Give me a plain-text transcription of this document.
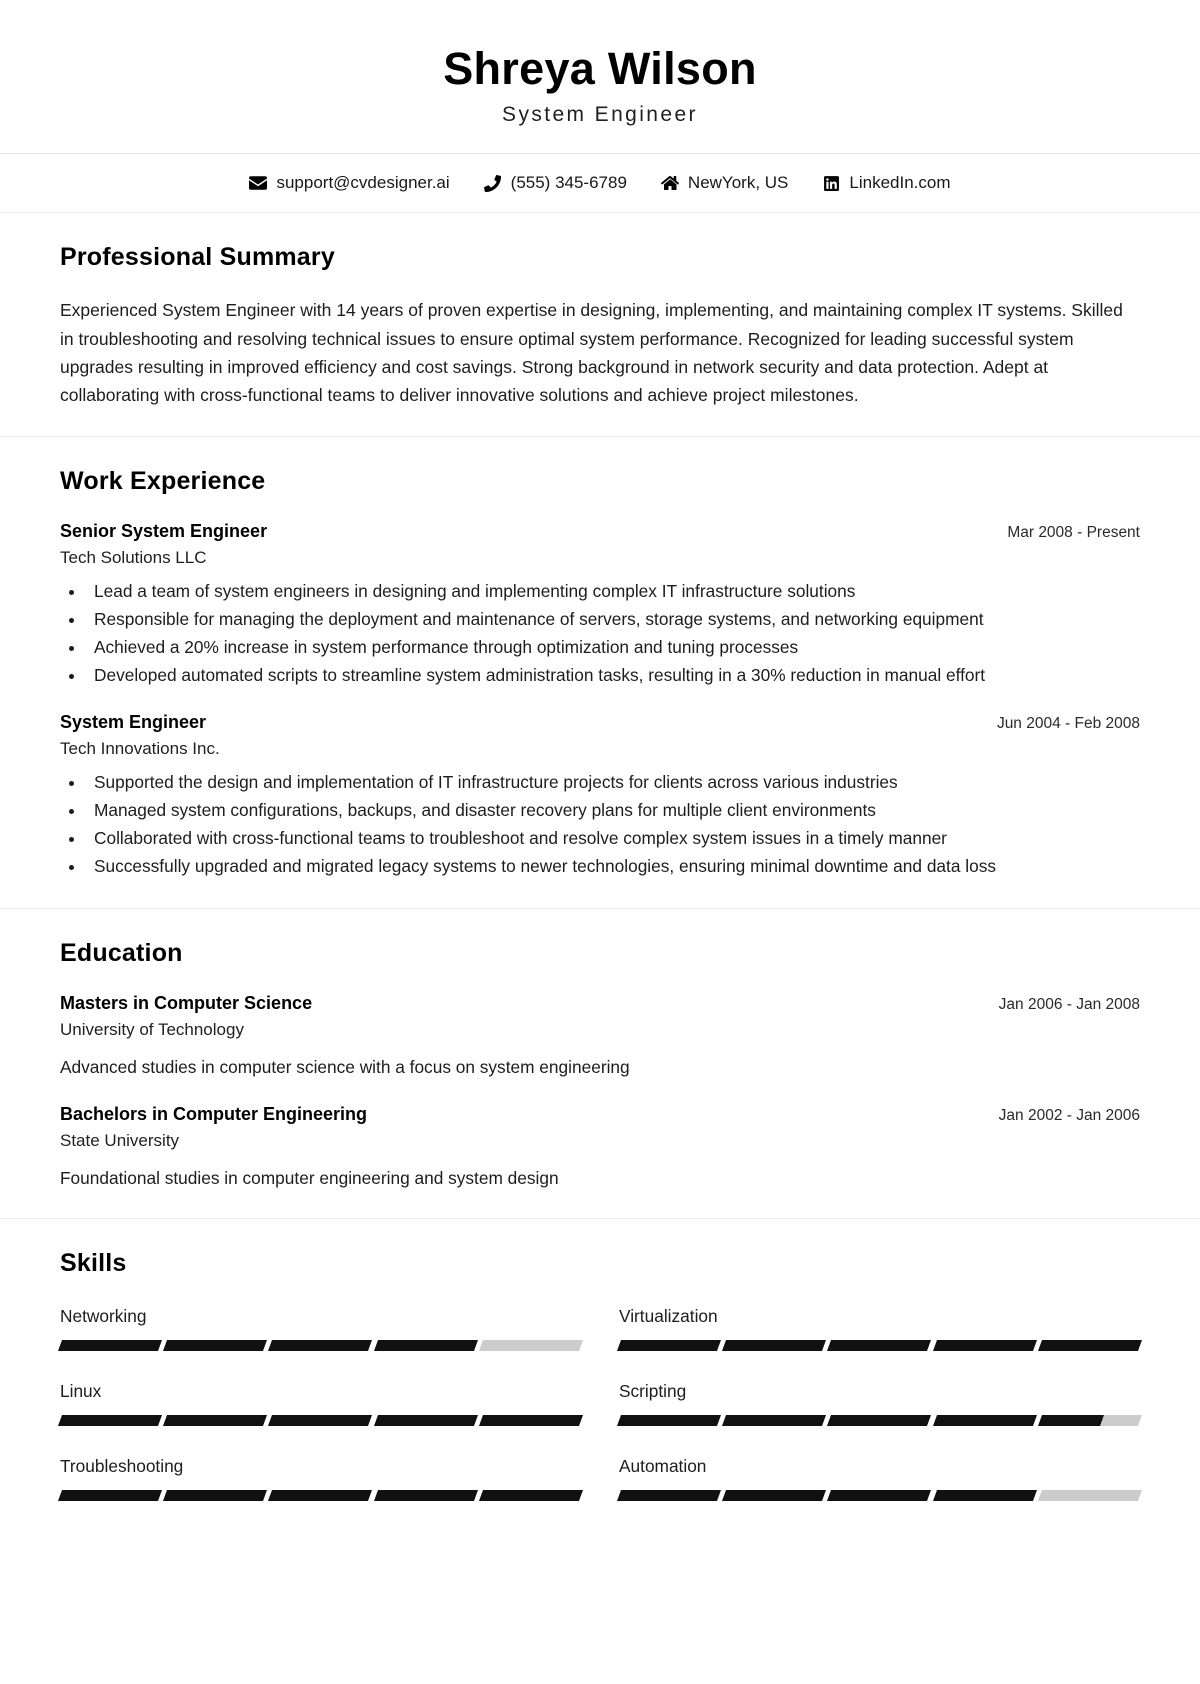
Shreya Wilson
System Engineer
support@cvdesigner.ai	(555) 345-6789	NewYork, US	LinkedIn.com
Professional Summary
Experienced System Engineer with 14 years of proven expertise in designing, implementing, and maintaining complex IT systems. Skilled in troubleshooting and resolving technical issues to ensure optimal system performance. Recognized for leading successful system upgrades resulting in improved efficiency and cost savings. Strong background in network security and data protection. Adept at collaborating with cross-functional teams to deliver innovative solutions and achieve project milestones.
Work Experience
Senior System Engineer	Mar 2008 - Present
Tech Solutions LLC
• Lead a team of system engineers in designing and implementing complex IT infrastructure solutions
• Responsible for managing the deployment and maintenance of servers, storage systems, and networking equipment
• Achieved a 20% increase in system performance through optimization and tuning processes
• Developed automated scripts to streamline system administration tasks, resulting in a 30% reduction in manual effort
System Engineer	Jun 2004 - Feb 2008
Tech Innovations Inc.
• Supported the design and implementation of IT infrastructure projects for clients across various industries
• Managed system configurations, backups, and disaster recovery plans for multiple client environments
• Collaborated with cross-functional teams to troubleshoot and resolve complex system issues in a timely manner
• Successfully upgraded and migrated legacy systems to newer technologies, ensuring minimal downtime and data loss
Education
Masters in Computer Science	Jan 2006 - Jan 2008
University of Technology
Advanced studies in computer science with a focus on system engineering
Bachelors in Computer Engineering	Jan 2002 - Jan 2006
State University
Foundational studies in computer engineering and system design
Skills
Networking	Virtualization
Linux	Scripting
Troubleshooting	Automation
